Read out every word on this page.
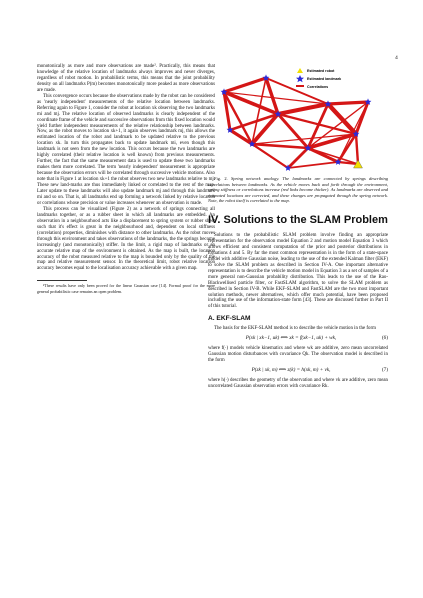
4

monotonically as more and more observations are made². Practically, this means that knowledge of the relative location of landmarks always improves and never diverges, regardless of robot motion. In probabilistic terms, this means that the joint probability density on all landmarks P(m) becomes monotonically more peaked as more observations are made.

This convergence occurs because the observations made by the robot can be considered as 'nearly independent' measurements of the relative location between landmarks. Referring again to Figure 1, consider the robot at location xk observing the two landmarks mi and mj. The relative location of observed landmarks is clearly independent of the coordinate frame of the vehicle and successive observations from this fixed location would yield further independent measurements of the relative relationship between landmarks. Now, as the robot moves to location xk+1, it again observes landmark mj, this allows the estimated location of the robot and landmark to be updated relative to the previous location xk. In turn this propagates back to update landmark mi, even though this landmark is not seen from the new location. This occurs because the two landmarks are highly correlated (their relative location is well known) from previous measurements. Further, the fact that the same measurement data is used to update these two landmarks makes them more correlated. The term 'nearly independent' measurement is appropriate because the observation errors will be correlated through successive vehicle motions. Also note that in Figure 1 at location xk+1 the robot observes two new landmarks relative to mj. These new land-marks are thus immediately linked or correlated to the rest of the map. Later update to these landmarks will also update landmark mj and through this landmark mi and so on. That is, all landmarks end up forming a network linked by relative location or correlations whose precision or value increases whenever an observation is made.

This process can be visualized (Figure 2) as a network of springs connecting all landmarks together, or as a rubber sheet in which all landmarks are embedded. An observation in a neighbourhood acts like a displacement to spring system or rubber sheet such that it's effect is great in the neighbourhood and, dependent on local stiffness (correlation) properties, diminishes with distance to other landmarks. As the robot moves through this environment and takes observations of the landmarks, the the springs become increasingly (and monotonically) stiffer. In the limit, a rigid map of landmarks or an accurate relative map of the environment is obtained. As the map is built, the location accuracy of the robot measured relative to the map is bounded only by the quality of the map and relative measurement sensor. In the theoretical limit, robot relative location accuracy becomes equal to the localisation accuracy achievable with a given map.

²These results have only been proved for the linear Gaussian case [14]. Formal proof for the more general probabilistic case remains an open problem.

Estimated robot
Estimated landmark
Correlations

Fig. 2. Spring network analogy. The landmarks are connected by springs describing correlations between landmarks. As the vehicle moves back and forth through the environment, spring stiffness or correlations increase (red links become thicker). As landmarks are observed and estimated locations are corrected, and these changes are propagated through the spring network. Note, the robot itself is correlated to the map.

IV. Solutions to the SLAM Problem

Solutions to the probabilistic SLAM problem involve finding an appropriate representation for the observation model Equation 2 and motion model Equation 3 which allows efficient and consistent computation of the prior and posterior distributions in Equations 4 and 5. By far the most common representation is in the form of a state-space model with additive Gaussian noise, leading to the use of the extended Kalman filter (EKF) to solve the SLAM problem as described in Section IV-A. One important alternative representation is to describe the vehicle motion model in Equation 3 as a set of samples of a more general non-Gaussian probability distribution. This leads to the use of the Rao-Blackwellised particle filter, or FastSLAM algorithm, to solve the SLAM problem as described in Section IV-B. While EKF-SLAM and FastSLAM are the two most important solution methods, newer alternatives, which offer much potential, have been proposed including the use of the information-state form [43]. These are discussed further in Part II of this tutorial.

A. EKF-SLAM

The basis for the EKF-SLAM method is to describe the vehicle motion in the form

P(xk | xk−1, uk) ⟺ xk = f(xk−1, uk) + wk,	(6)

where f(·) models vehicle kinematics and where wk are additive, zero mean uncorrelated Gaussian motion disturbances with covariance Qk. The observation model is described in the form

P(zk | xk, m) ⟺ z(k) = h(xk, m) + vk,	(7)

where h(·) describes the geometry of the observation and where vk are additive, zero mean uncorrelated Gaussian observation errors with covariance Rk.
